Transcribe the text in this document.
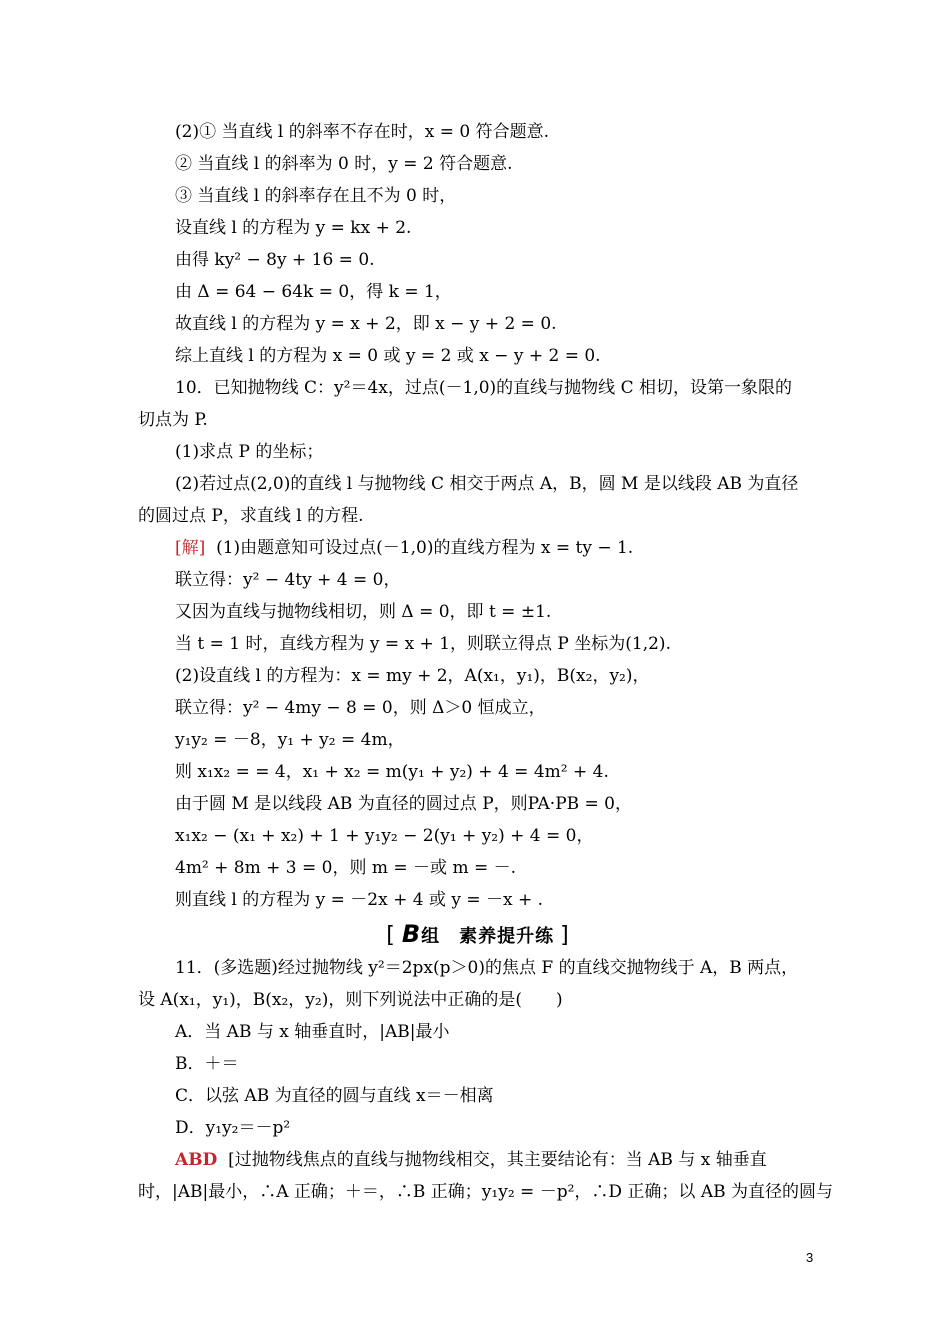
(2)① 当直线 l 的斜率不存在时，x = 0 符合题意.
② 当直线 l 的斜率为 0 时，y = 2 符合题意.
③ 当直线 l 的斜率存在且不为 0 时，
设直线 l 的方程为 y = kx + 2.
由得 ky² − 8y + 16 = 0.
由 Δ = 64 − 64k = 0，得 k = 1，
故直线 l 的方程为 y = x + 2，即 x − y + 2 = 0.
综上直线 l 的方程为 x = 0 或 y = 2 或 x − y + 2 = 0.
10．已知抛物线 C：y²＝4x，过点(－1,0)的直线与抛物线 C 相切，设第一象限的
切点为 P.
(1)求点 P 的坐标；
(2)若过点(2,0)的直线 l 与抛物线 C 相交于两点 A，B，圆 M 是以线段 AB 为直径
的圆过点 P，求直线 l 的方程.
[解] (1)由题意知可设过点(－1,0)的直线方程为 x = ty − 1.
联立得：y² − 4ty + 4 = 0，
又因为直线与抛物线相切，则 Δ = 0，即 t = ±1.
当 t = 1 时，直线方程为 y = x + 1，则联立得点 P 坐标为(1,2).
(2)设直线 l 的方程为：x = my + 2，A(x₁，y₁)，B(x₂，y₂)，
联立得：y² − 4my − 8 = 0，则 Δ＞0 恒成立，
y₁y₂ = －8，y₁ + y₂ = 4m，
则 x₁x₂ = = 4，x₁ + x₂ = m(y₁ + y₂) + 4 = 4m² + 4.
由于圆 M 是以线段 AB 为直径的圆过点 P，则PA·PB = 0，
x₁x₂ − (x₁ + x₂) + 1 + y₁y₂ − 2(y₁ + y₂) + 4 = 0，
4m² + 8m + 3 = 0，则 m = －或 m = －.
则直线 l 的方程为 y = －2x + 4 或 y = －x + .
[ B组　素养提升练 ]
11．(多选题)经过抛物线 y²＝2px(p＞0)的焦点 F 的直线交抛物线于 A，B 两点，
设 A(x₁，y₁)，B(x₂，y₂)，则下列说法中正确的是(　　)
A．当 AB 与 x 轴垂直时，|AB|最小
B．＋＝
C．以弦 AB 为直径的圆与直线 x＝－相离
D．y₁y₂＝－p²
ABD [过抛物线焦点的直线与抛物线相交，其主要结论有：当 AB 与 x 轴垂直
时，|AB|最小，∴A 正确；＋＝，∴B 正确；y₁y₂ = －p²，∴D 正确；以 AB 为直径的圆与
3
